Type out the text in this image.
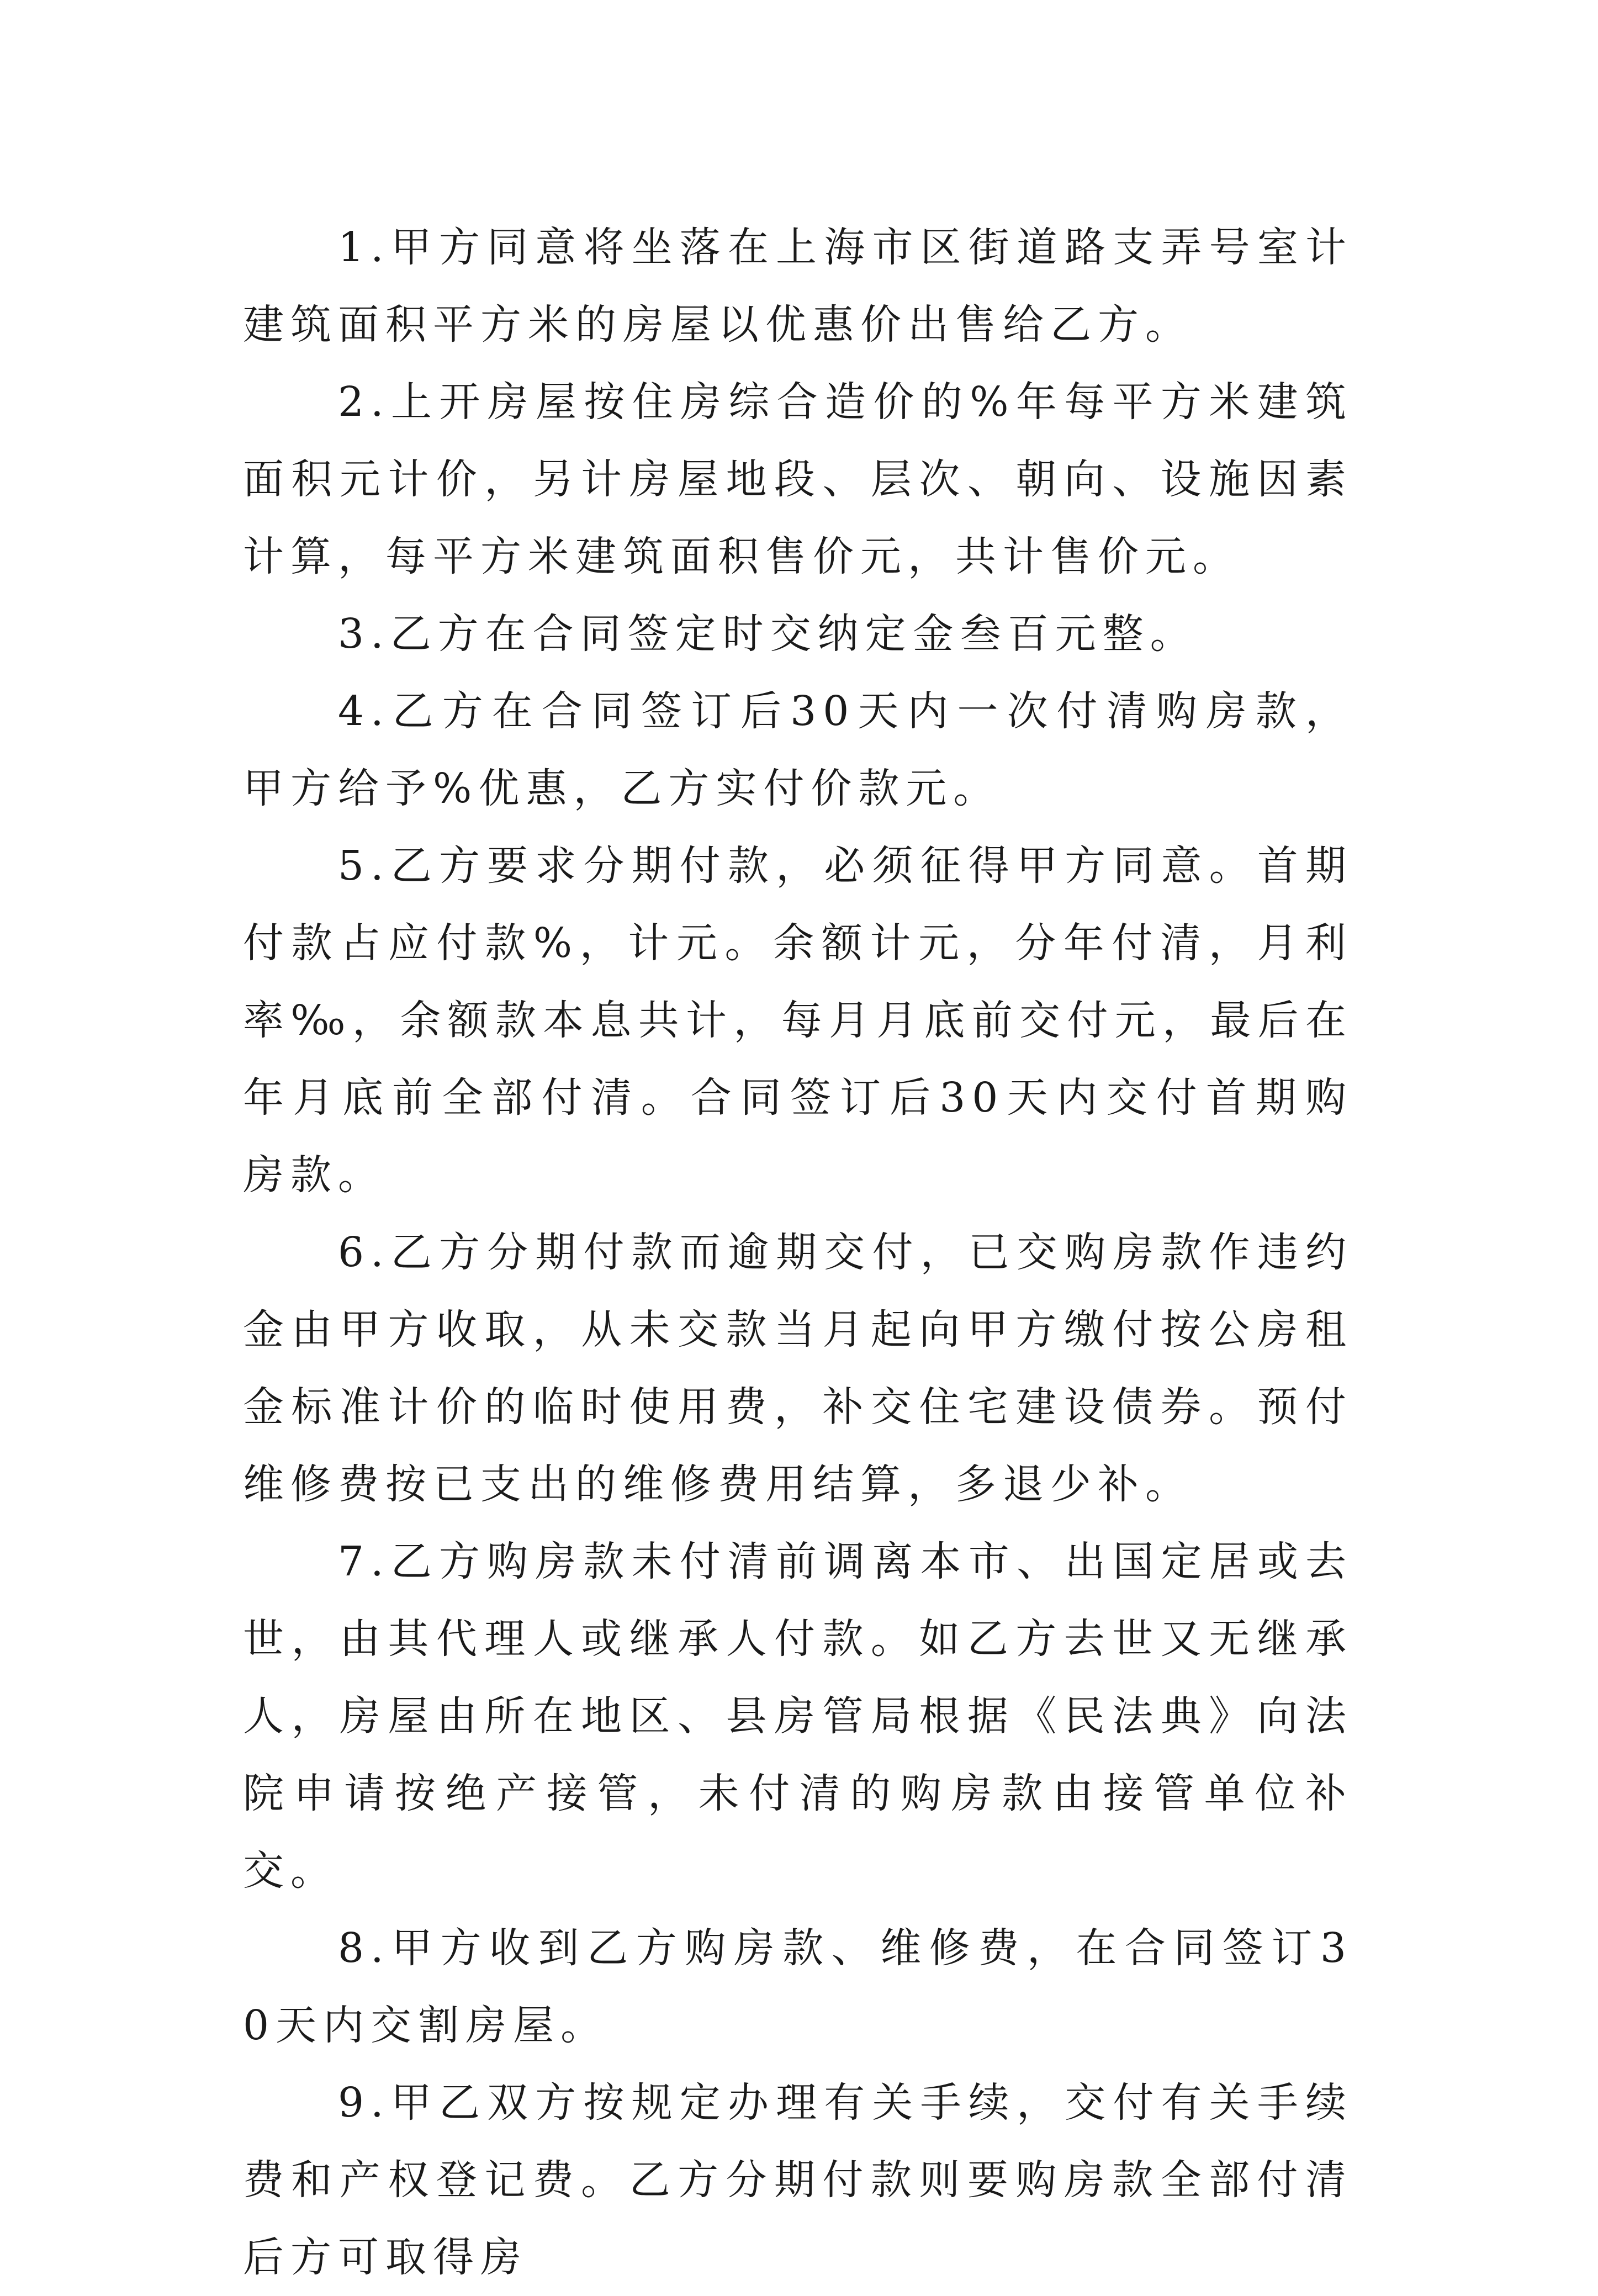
1.甲方同意将坐落在上海市区街道路支弄号室计建筑面积平方米的房屋以优惠价出售给乙方。

2.上开房屋按住房综合造价的%年每平方米建筑面积元计价，另计房屋地段、层次、朝向、设施因素计算，每平方米建筑面积售价元，共计售价元。

3.乙方在合同签定时交纳定金叁百元整。

4.乙方在合同签订后30天内一次付清购房款，甲方给予%优惠，乙方实付价款元。

5.乙方要求分期付款，必须征得甲方同意。首期付款占应付款%，计元。余额计元，分年付清，月利率‰，余额款本息共计，每月月底前交付元，最后在年月底前全部付清。合同签订后30天内交付首期购房款。

6.乙方分期付款而逾期交付，已交购房款作违约金由甲方收取，从未交款当月起向甲方缴付按公房租金标准计价的临时使用费，补交住宅建设债券。预付维修费按已支出的维修费用结算，多退少补。

7.乙方购房款未付清前调离本市、出国定居或去世，由其代理人或继承人付款。如乙方去世又无继承人，房屋由所在地区、县房管局根据《民法典》向法院申请按绝产接管，未付清的购房款由接管单位补交。

8.甲方收到乙方购房款、维修费，在合同签订30天内交割房屋。

9.甲乙双方按规定办理有关手续，交付有关手续费和产权登记费。乙方分期付款则要购房款全部付清后方可取得房
